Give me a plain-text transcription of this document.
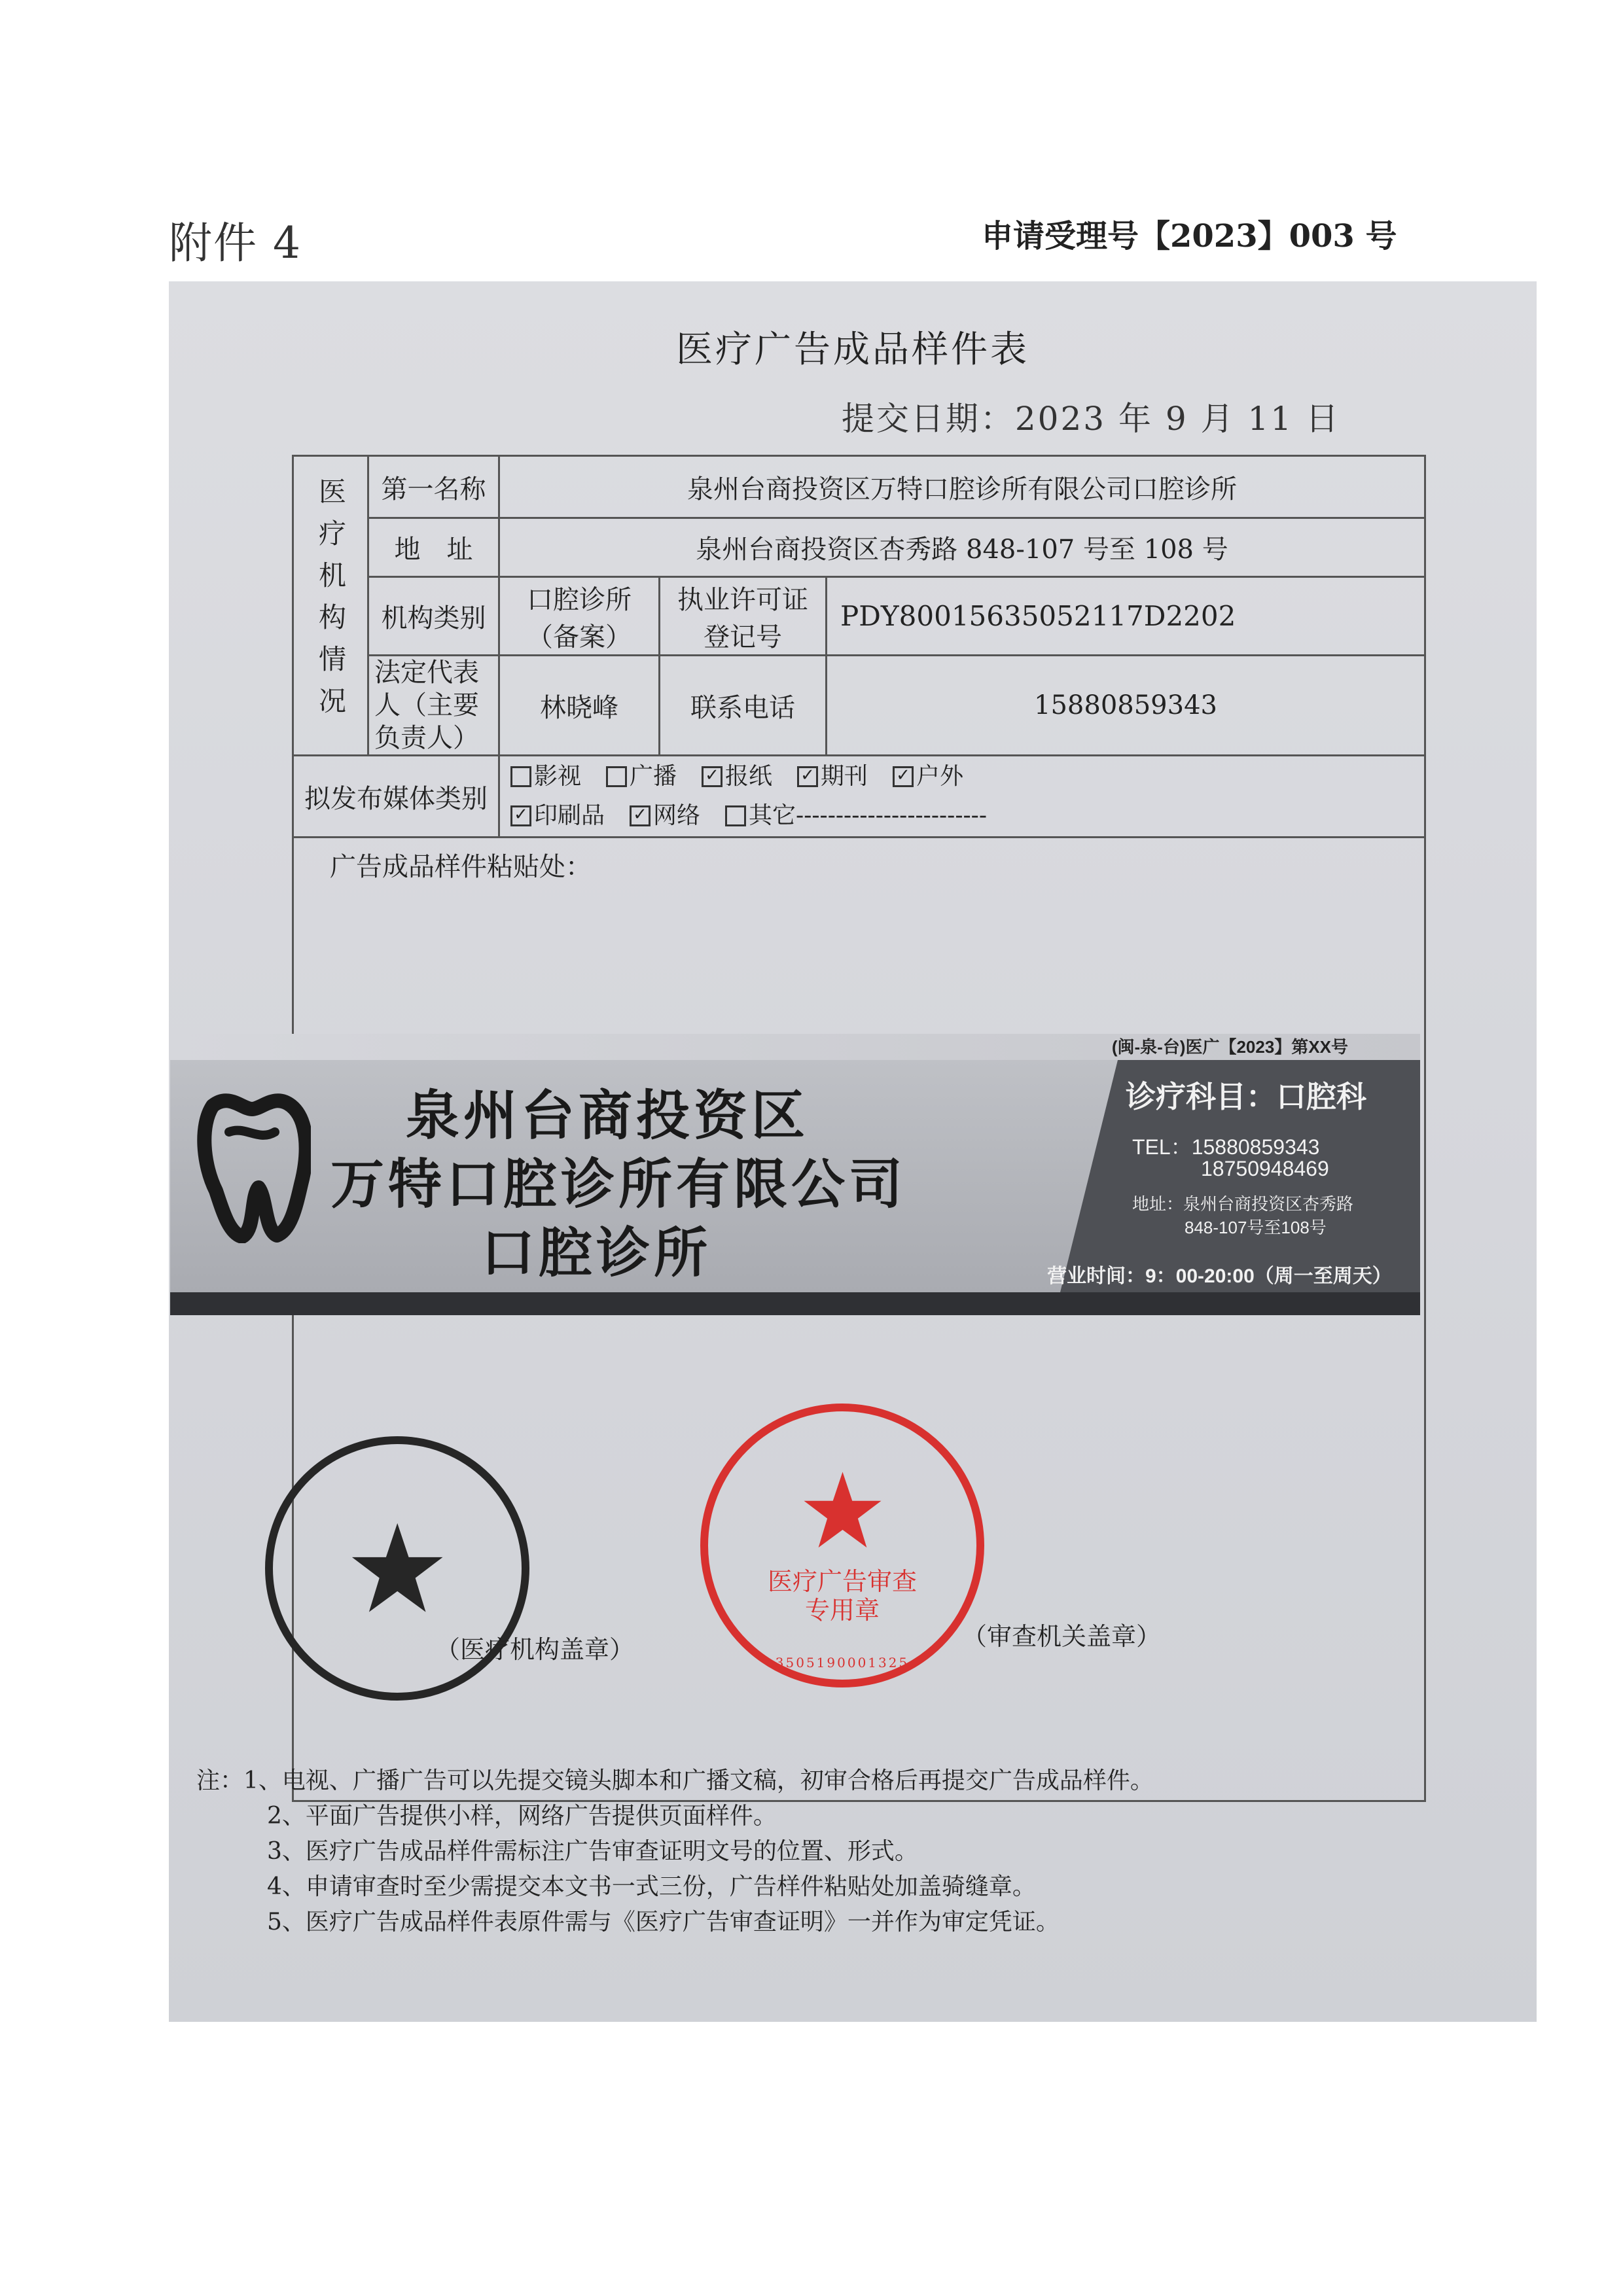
附件 4	申请受理号【2023】003 号
医疗广告成品样件表
提交日期：2023 年 9 月 11 日
医疗机构情况	第一名称	泉州台商投资区万特口腔诊所有限公司口腔诊所		
	地　址	泉州台商投资区杏秀路 848-107 号至 108 号		
	机构类别	口腔诊所（备案）	执业许可证登记号	PDY80015635052117D2202
	法定代表人（主要负责人）	林晓峰	联系电话	15880859343
拟发布媒体类别		影视 广播 ✓ 报纸 ✓ 期刊 ✓ 户外
✓ 印刷品 ✓ 网络 其它------------------------		

广告成品样件粘贴处：				
(闽-泉-台)医广【2023】第XX号
泉州台商投资区
万特口腔诊所有限公司
口腔诊所
诊疗科目：口腔科
TEL：15880859343
18750948469
地址：泉州台商投资区杏秀路
848-107号至108号
营业时间：9：00-20:00（周一至周天）
（医疗机构盖章）
医疗广告审查专用章
3505190001325
（审查机关盖章）
注：1、电视、广播广告可以先提交镜头脚本和广播文稿，初审合格后再提交广告成品样件。
2、平面广告提供小样，网络广告提供页面样件。
3、医疗广告成品样件需标注广告审查证明文号的位置、形式。
4、申请审查时至少需提交本文书一式三份，广告样件粘贴处加盖骑缝章。
5、医疗广告成品样件表原件需与《医疗广告审查证明》一并作为审定凭证。
